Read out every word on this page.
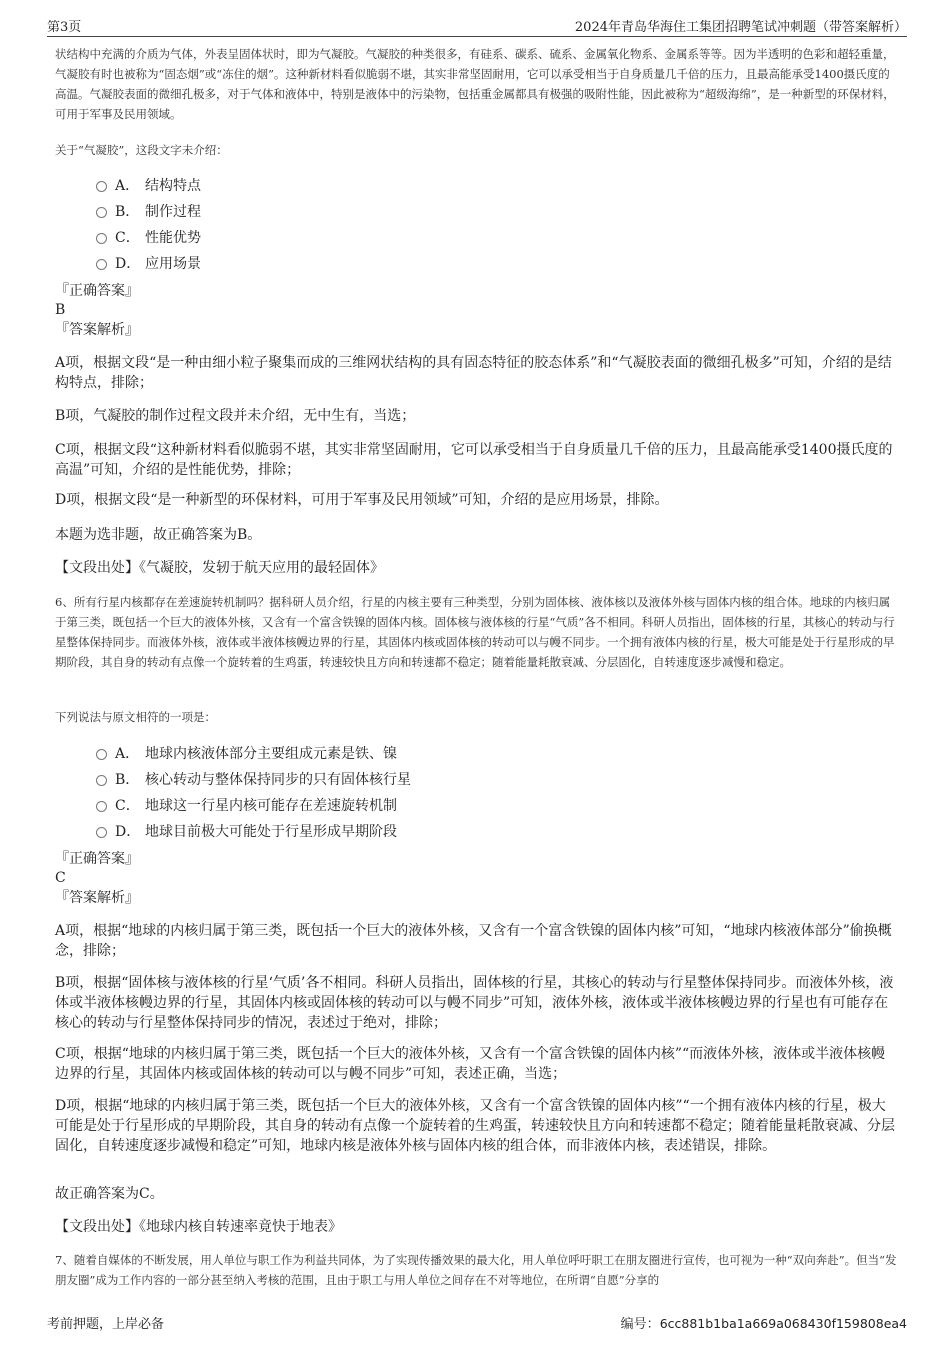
第3页	2024年青岛华海住工集团招聘笔试冲刺题（带答案解析）

状结构中充满的介质为气体，外表呈固体状时，即为气凝胶。气凝胶的种类很多，有硅系、碳系、硫系、金属氧化物系、金属系等等。因为半透明的色彩和超轻重量，气凝胶有时也被称为“固态烟”或“冻住的烟”。这种新材料看似脆弱不堪，其实非常坚固耐用，它可以承受相当于自身质量几千倍的压力，且最高能承受1400摄氏度的高温。气凝胶表面的微细孔极多，对于气体和液体中，特别是液体中的污染物，包括重金属都具有极强的吸附性能，因此被称为“超级海绵”，是一种新型的环保材料，可用于军事及民用领域。

关于“气凝胶”，这段文字未介绍：

A． 结构特点
B． 制作过程
C． 性能优势
D． 应用场景
『正确答案』
B
『答案解析』

A项，根据文段“是一种由细小粒子聚集而成的三维网状结构的具有固态特征的胶态体系”和“气凝胶表面的微细孔极多”可知，介绍的是结构特点，排除；

B项，气凝胶的制作过程文段并未介绍，无中生有，当选；

C项，根据文段“这种新材料看似脆弱不堪，其实非常坚固耐用，它可以承受相当于自身质量几千倍的压力，且最高能承受1400摄氏度的高温”可知，介绍的是性能优势，排除；

D项，根据文段“是一种新型的环保材料，可用于军事及民用领域”可知，介绍的是应用场景，排除。

本题为选非题，故正确答案为B。

【文段出处】《气凝胶，发轫于航天应用的最轻固体》

6、所有行星内核都存在差速旋转机制吗？据科研人员介绍，行星的内核主要有三种类型，分别为固体核、液体核以及液体外核与固体内核的组合体。地球的内核归属于第三类，既包括一个巨大的液体外核，又含有一个富含铁镍的固体内核。固体核与液体核的行星“气质”各不相同。科研人员指出，固体核的行星，其核心的转动与行星整体保持同步。而液体外核，液体或半液体核幔边界的行星，其固体内核或固体核的转动可以与幔不同步。一个拥有液体内核的行星，极大可能是处于行星形成的早期阶段，其自身的转动有点像一个旋转着的生鸡蛋，转速较快且方向和转速都不稳定；随着能量耗散衰减、分层固化，自转速度逐步减慢和稳定。

下列说法与原文相符的一项是：

A． 地球内核液体部分主要组成元素是铁、镍
B． 核心转动与整体保持同步的只有固体核行星
C． 地球这一行星内核可能存在差速旋转机制
D． 地球目前极大可能处于行星形成早期阶段
『正确答案』
C
『答案解析』

A项，根据“地球的内核归属于第三类，既包括一个巨大的液体外核，又含有一个富含铁镍的固体内核”可知，“地球内核液体部分”偷换概念，排除；

B项，根据“固体核与液体核的行星‘气质’各不相同。科研人员指出，固体核的行星，其核心的转动与行星整体保持同步。而液体外核，液体或半液体核幔边界的行星，其固体内核或固体核的转动可以与幔不同步”可知，液体外核，液体或半液体核幔边界的行星也有可能存在核心的转动与行星整体保持同步的情况，表述过于绝对，排除；

C项，根据“地球的内核归属于第三类，既包括一个巨大的液体外核，又含有一个富含铁镍的固体内核”“而液体外核，液体或半液体核幔边界的行星，其固体内核或固体核的转动可以与幔不同步”可知，表述正确，当选；

D项，根据“地球的内核归属于第三类，既包括一个巨大的液体外核，又含有一个富含铁镍的固体内核”“一个拥有液体内核的行星，极大可能是处于行星形成的早期阶段，其自身的转动有点像一个旋转着的生鸡蛋，转速较快且方向和转速都不稳定；随着能量耗散衰减、分层固化，自转速度逐步减慢和稳定”可知，地球内核是液体外核与固体内核的组合体，而非液体内核，表述错误，排除。

故正确答案为C。

【文段出处】《地球内核自转速率竟快于地表》

7、随着自媒体的不断发展，用人单位与职工作为利益共同体，为了实现传播效果的最大化，用人单位呼吁职工在朋友圈进行宣传，也可视为一种“双向奔赴”。但当“发朋友圈”成为工作内容的一部分甚至纳入考核的范围，且由于职工与用人单位之间存在不对等地位，在所谓“自愿”分享的

考前押题，上岸必备	编号：6cc881b1ba1a669a068430f159808ea4
